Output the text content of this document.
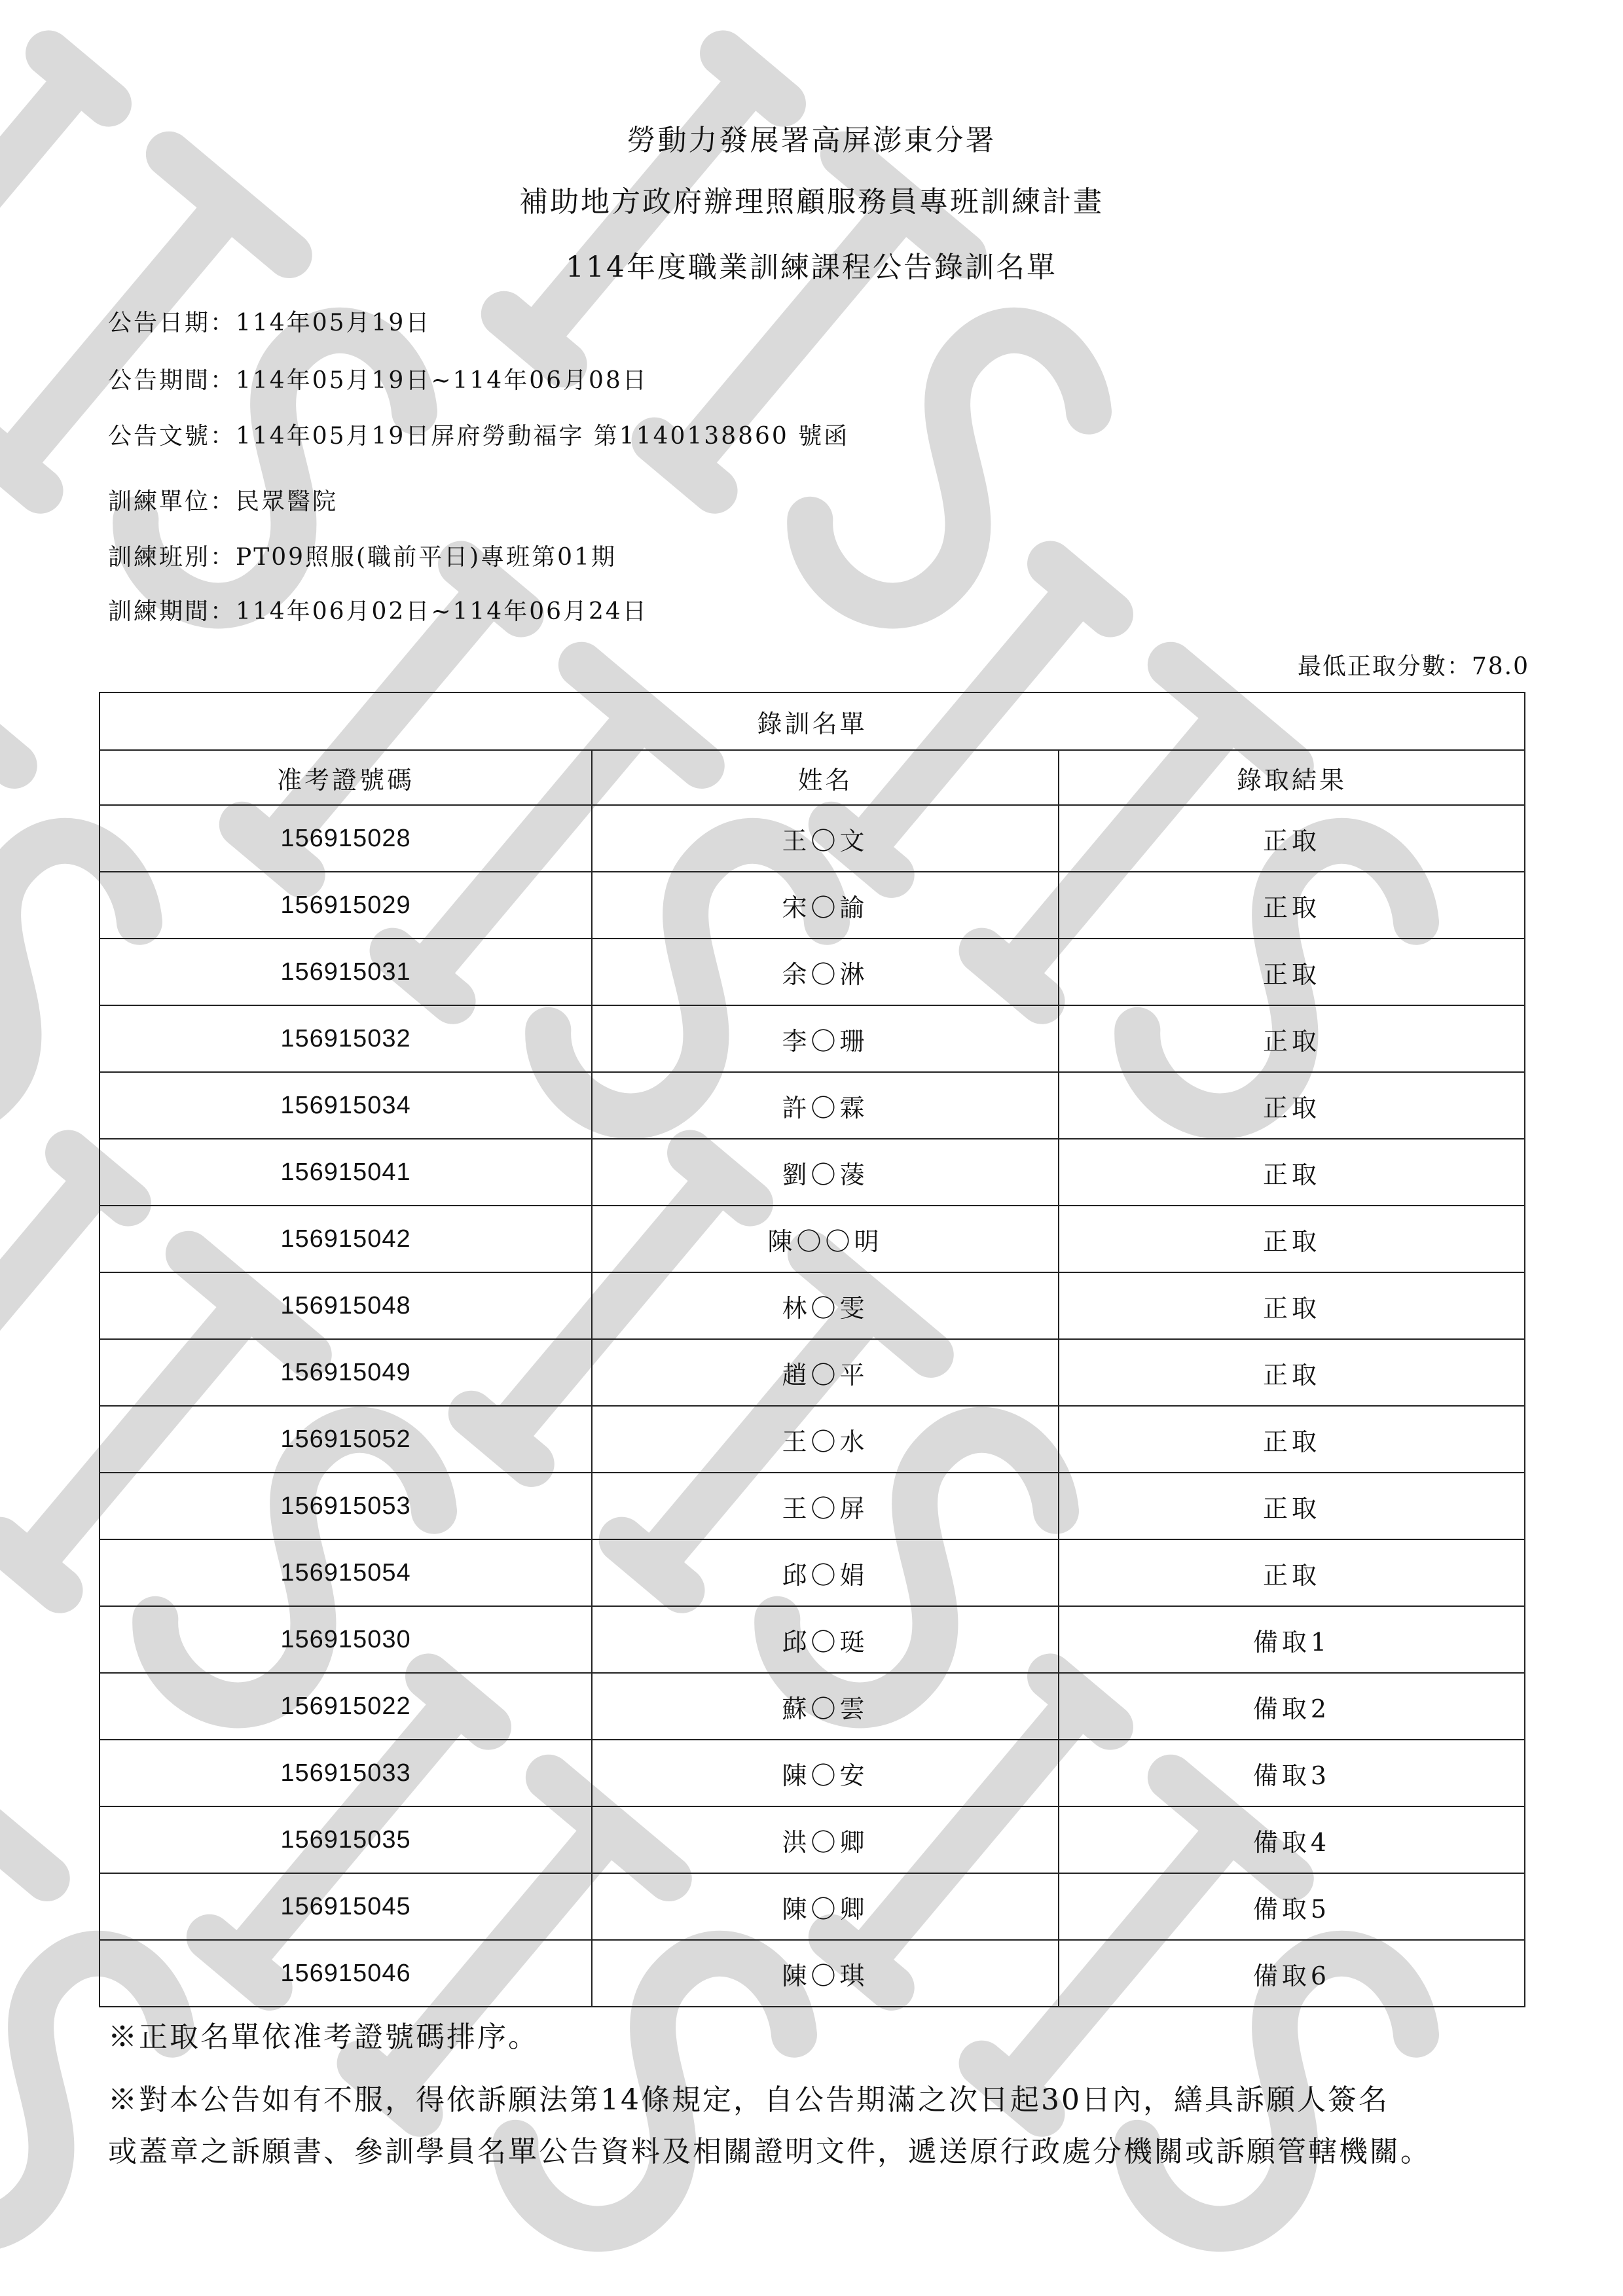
勞動力發展署高屏澎東分署
補助地方政府辦理照顧服務員專班訓練計畫
114年度職業訓練課程公告錄訓名單
公告日期：114年05月19日
公告期間：114年05月19日~114年06月08日
公告文號：114年05月19日屏府勞動福字 第1140138860 號函
訓練單位：民眾醫院
訓練班別：PT09照服(職前平日)專班第01期
訓練期間：114年06月02日~114年06月24日
最低正取分數：78.0
錄訓名單		
准考證號碼	姓名	錄取結果
156915028	王〇文	正取
156915029	宋〇諭	正取
156915031	余〇淋	正取
156915032	李〇珊	正取
156915034	許〇霖	正取
156915041	劉〇蓤	正取
156915042	陳〇〇明	正取
156915048	林〇雯	正取
156915049	趙〇平	正取
156915052	王〇水	正取
156915053	王〇屏	正取
156915054	邱〇娟	正取
156915030	邱〇珽	備取1
156915022	蘇〇雲	備取2
156915033	陳〇安	備取3
156915035	洪〇卿	備取4
156915045	陳〇卿	備取5
156915046	陳〇琪	備取6
※正取名單依准考證號碼排序。
※對本公告如有不服，得依訴願法第14條規定，自公告期滿之次日起30日內，繕具訴願人簽名
或蓋章之訴願書、參訓學員名單公告資料及相關證明文件，遞送原行政處分機關或訴願管轄機關。
